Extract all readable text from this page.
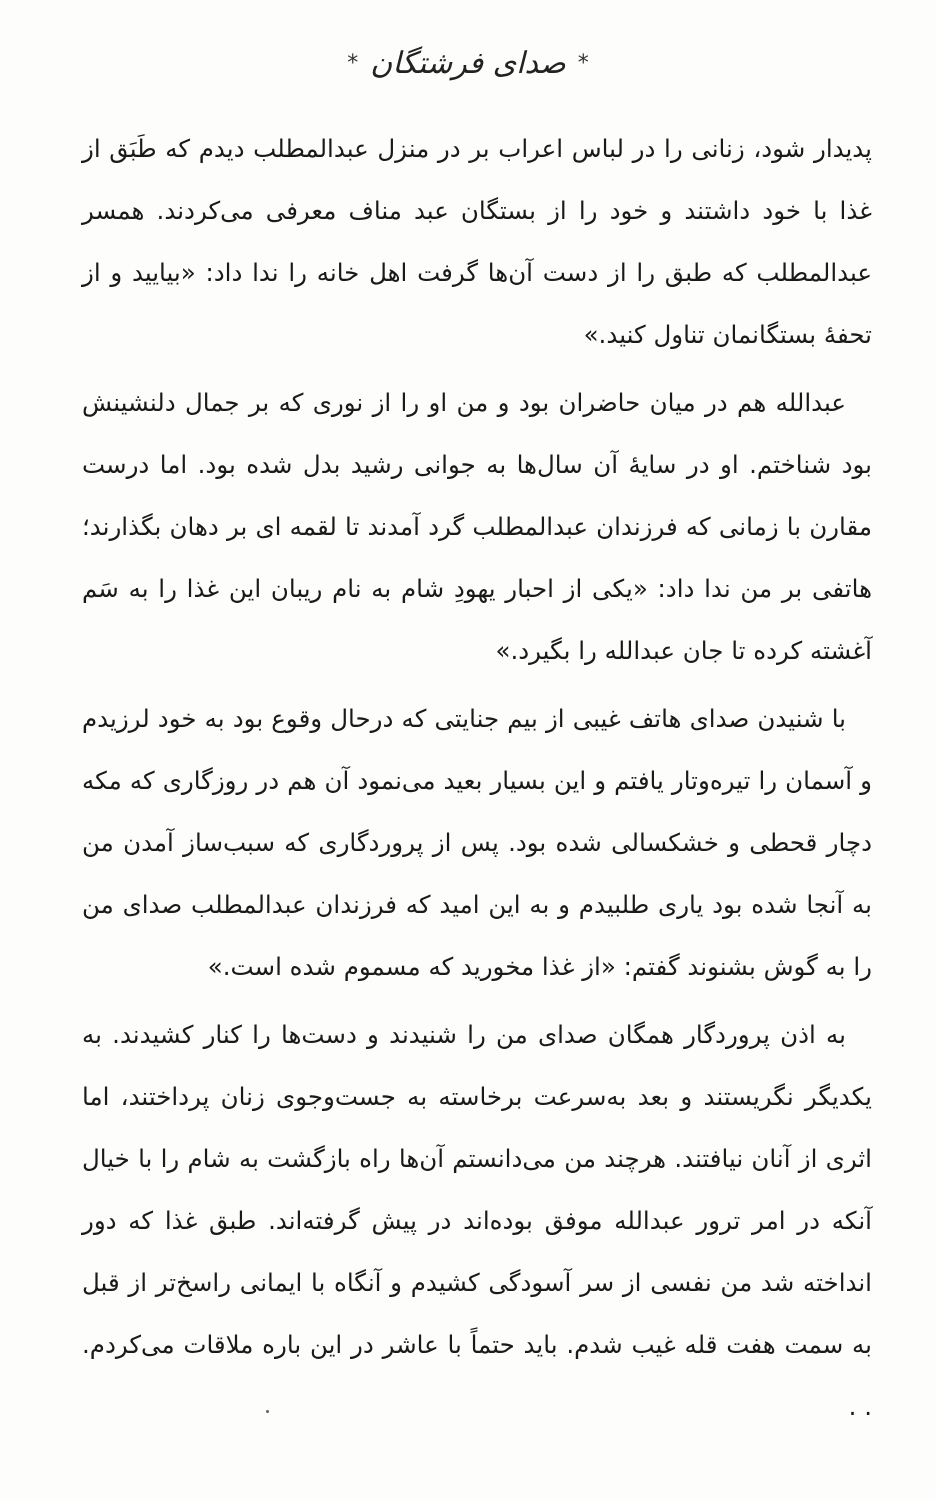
*
صدای فرشتگان
*

پدیدار شود، زنانی را در لباس اعراب بر در منزل عبدالمطلب دیدم که طَبَق از غذا با خود داشتند و خود را از بستگان عبد مناف معرفی می‌کردند. همسر عبدالمطلب که طبق را از دست آن‌ها گرفت اهل خانه را ندا داد: «بیایید و از تحفهٔ بستگانمان تناول کنید.»

عبدالله هم در میان حاضران بود و من او را از نوری که بر جمال دلنشینش بود شناختم. او در سایهٔ آن سال‌ها به جوانی رشید بدل شده بود. اما درست مقارن با زمانی که فرزندان عبدالمطلب گرد آمدند تا لقمه ای بر دهان بگذارند؛ هاتفی بر من ندا داد: «یکی از احبار یهودِ شام به نام ریبان این غذا را به سَم آغشته کرده تا جان عبدالله را بگیرد.»

با شنیدن صدای هاتف غیبی از بیم جنایتی که درحال وقوع بود به خود لرزیدم و آسمان را تیره‌وتار یافتم و این بسیار بعید می‌نمود آن هم در روزگاری که مکه دچار قحطی و خشکسالی شده بود. پس از پروردگاری که سبب‌ساز آمدن من به آنجا شده بود یاری طلبیدم و به این امید که فرزندان عبدالمطلب صدای من را به گوش بشنوند گفتم: «از غذا مخورید که مسموم شده است.»

به اذن پروردگار همگان صدای من را شنیدند و دست‌ها را کنار کشیدند. به یکدیگر نگریستند و بعد به‌سرعت برخاسته به جست‌وجوی زنان پرداختند، اما اثری از آنان نیافتند. هرچند من می‌دانستم آن‌ها راه بازگشت به شام را با خیال آنکه در امر ترور عبدالله موفق بوده‌اند در پیش گرفته‌اند. طبق غذا که دور انداخته شد من نفسی از سر آسودگی کشیدم و آنگاه با ایمانی راسخ‌تر از قبل به سمت هفت قله غیب شدم. باید حتماً با عاشر در این باره ملاقات می‌کردم. . .
